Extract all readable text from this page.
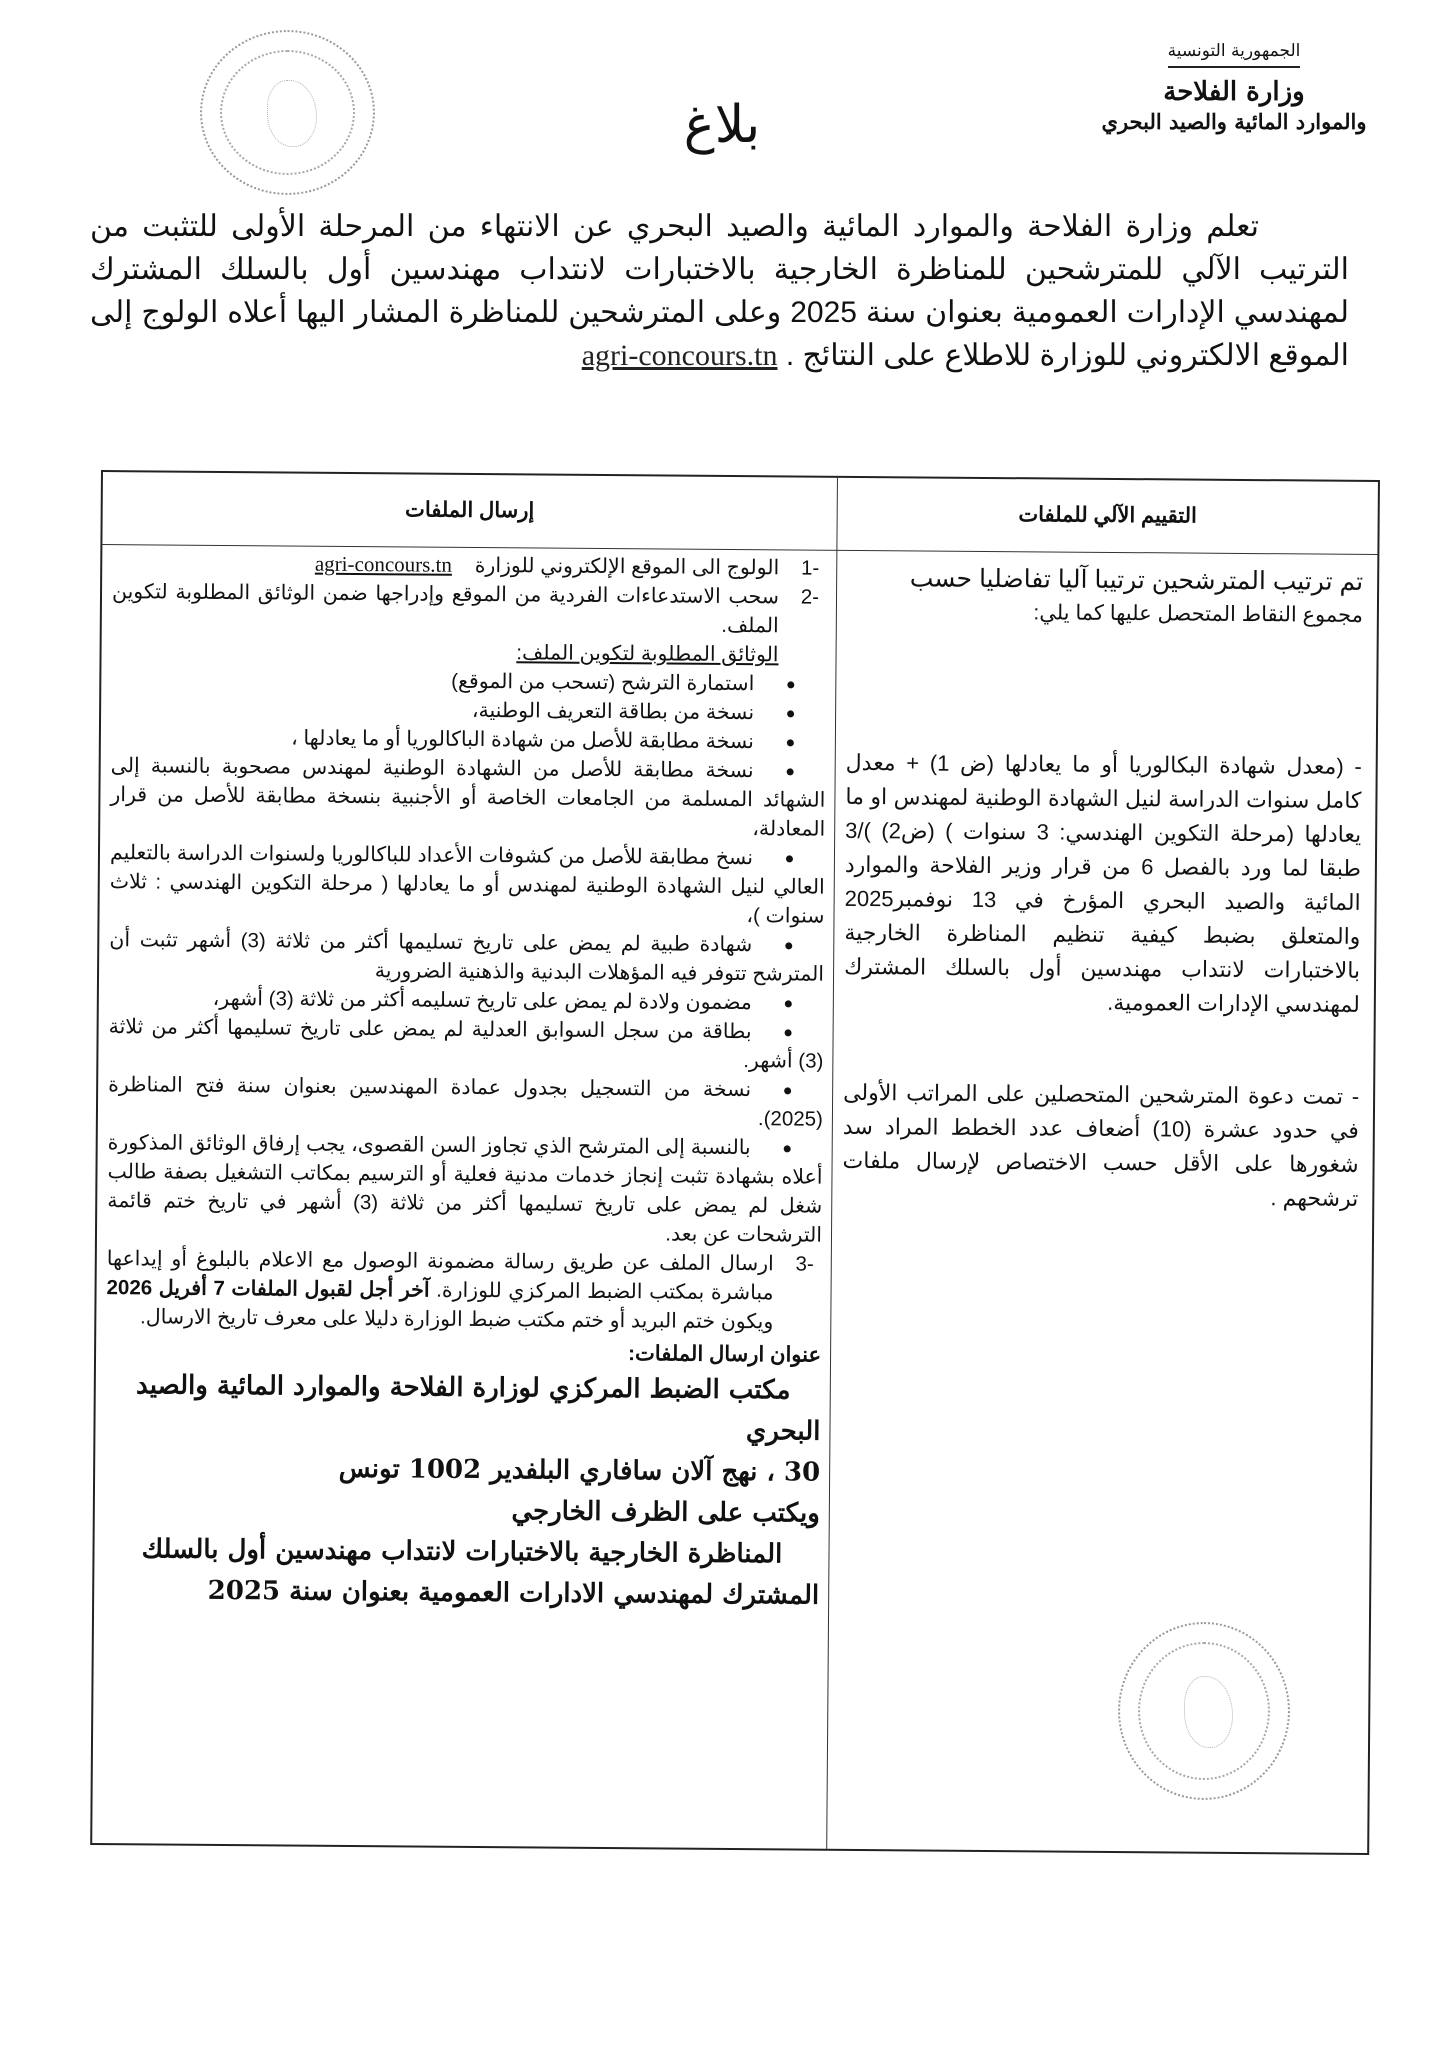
الجمهورية التونسية
وزارة الفلاحة
والموارد المائية والصيد البحري
بلاغ
تعلم وزارة الفلاحة والموارد المائية والصيد البحري عن الانتهاء من المرحلة الأولى للتثبت من الترتيب الآلي للمترشحين للمناظرة الخارجية بالاختبارات لانتداب مهندسين أول بالسلك المشترك لمهندسي الإدارات العمومية بعنوان سنة 2025 وعلى المترشحين للمناظرة المشار اليها أعلاه الولوج إلى الموقع الالكتروني للوزارة للاطلاع على النتائج . agri-concours.tn
إرسال الملفات	التقييم الآلي للملفات

تم ترتيب المترشحين ترتيبا آليا تفاضليا حسب

مجموع النقاط المتحصل عليها كما يلي:

- (معدل شهادة البكالوريا أو ما يعادلها (ض 1) + معدل كامل سنوات الدراسة لنيل الشهادة الوطنية لمهندس او ما يعادلها (مرحلة التكوين الهندسي: 3 سنوات ) (ض2) )/3 طبقا لما ورد بالفصل 6 من قرار وزير الفلاحة والموارد المائية والصيد البحري المؤرخ في 13 نوفمبر2025 والمتعلق بضبط كيفية تنظيم المناظرة الخارجية بالاختبارات لانتداب مهندسين أول بالسلك المشترك لمهندسي الإدارات العمومية.

- تمت دعوة المترشحين المتحصلين على المراتب الأولى في حدود عشرة (10) أضعاف عدد الخطط المراد سد شغورها على الأقل حسب الاختصاص لإرسال ملفات ترشحهم .

-1
الولوج الى الموقع الإلكتروني للوزارة    agri-concours.tn

-2
سحب الاستدعاءات الفردية من الموقع وإدراجها ضمن الوثائق المطلوبة لتكوين الملف.

الوثائق المطلوبة لتكوين الملف:

استمارة الترشح (تسحب من الموقع)

نسخة من بطاقة التعريف الوطنية،

نسخة مطابقة للأصل من شهادة الباكالوريا أو ما يعادلها ،

نسخة مطابقة للأصل من الشهادة الوطنية لمهندس مصحوبة بالنسبة إلى الشهائد المسلمة من الجامعات الخاصة أو الأجنبية بنسخة مطابقة للأصل من قرار المعادلة،

نسخ مطابقة للأصل من كشوفات الأعداد للباكالوريا ولسنوات الدراسة بالتعليم العالي لنيل الشهادة الوطنية لمهندس أو ما يعادلها ( مرحلة التكوين الهندسي : ثلاث سنوات )،

شهادة طبية لم يمض على تاريخ تسليمها أكثر من ثلاثة (3) أشهر تثبت أن المترشح تتوفر فيه المؤهلات البدنية والذهنية الضرورية

مضمون ولادة لم يمض على تاريخ تسليمه أكثر من ثلاثة (3) أشهر،

بطاقة من سجل السوابق العدلية لم يمض على تاريخ تسليمها أكثر من ثلاثة (3) أشهر.

نسخة من التسجيل بجدول عمادة المهندسين بعنوان سنة فتح المناظرة (2025).

بالنسبة إلى المترشح الذي تجاوز السن القصوى، يجب إرفاق الوثائق المذكورة أعلاه بشهادة تثبت إنجاز خدمات مدنية فعلية أو الترسيم بمكاتب التشغيل بصفة طالب شغل لم يمض على تاريخ تسليمها أكثر من ثلاثة (3) أشهر في تاريخ ختم قائمة الترشحات عن بعد.

-3
ارسال الملف عن طريق رسالة مضمونة الوصول مع الاعلام بالبلوغ أو إيداعها مباشرة بمكتب الضبط المركزي للوزارة. آخر أجل لقبول الملفات 7 أفريل 2026 ويكون ختم البريد أو ختم مكتب ضبط الوزارة دليلا على معرف تاريخ الارسال.

عنوان ارسال الملفات:
مكتب الضبط المركزي لوزارة الفلاحة والموارد المائية والصيد البحري
30 ، نهج آلان سافاري البلفدير 1002 تونس
ويكتب على الظرف الخارجي
المناظرة الخارجية بالاختبارات لانتداب مهندسين أول بالسلك المشترك لمهندسي الادارات العمومية بعنوان سنة 2025
